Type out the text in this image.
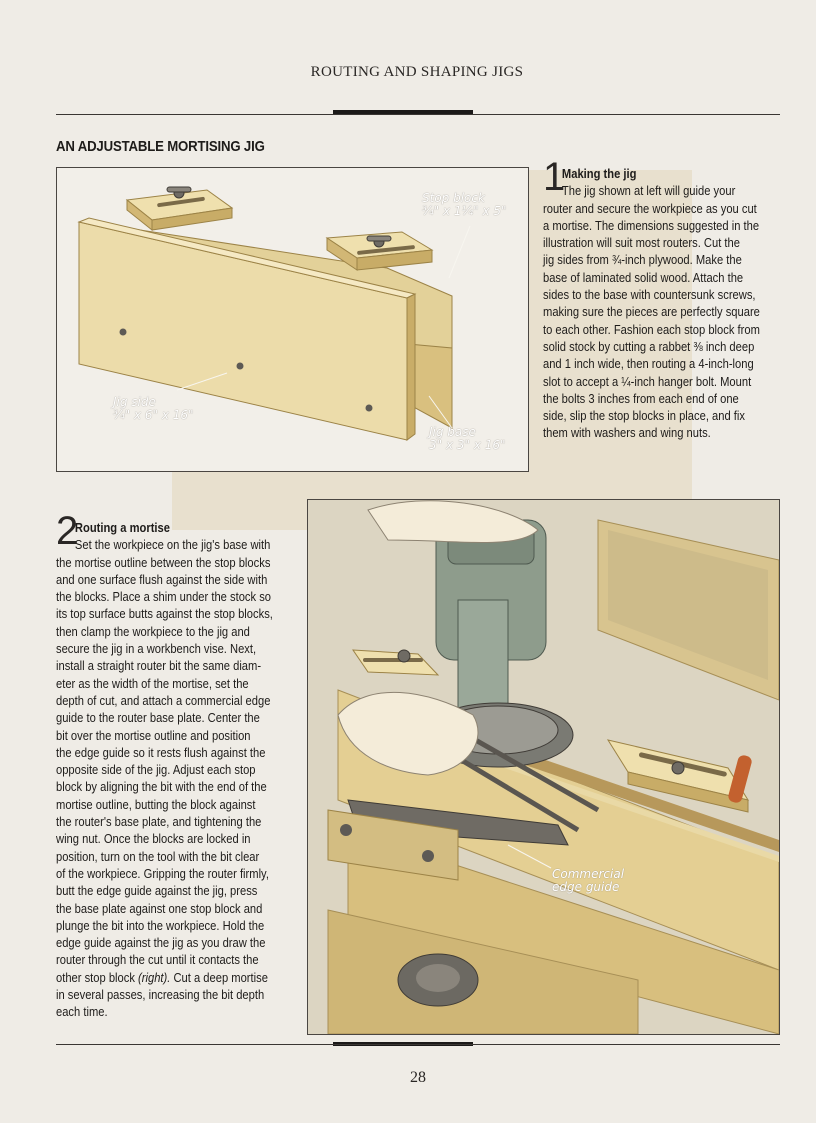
ROUTING AND SHAPING JIGS
AN ADJUSTABLE MORTISING JIG
Stop block
¾" x 1¼" x 5"
Jig side
¾" x 6" x 16"
Jig base
3" x 3" x 16"
1
Making the jig
The jig shown at left will guide your
router and secure the workpiece as you cut
a mortise. The dimensions suggested in the
illustration will suit most routers. Cut the
jig sides from ¾-inch plywood. Make the
base of laminated solid wood. Attach the
sides to the base with countersunk screws,
making sure the pieces are perfectly square
to each other. Fashion each stop block from
solid stock by cutting a rabbet ⅜ inch deep
and 1 inch wide, then routing a 4-inch-long
slot to accept a ¼-inch hanger bolt. Mount
the bolts 3 inches from each end of one
side, slip the stop blocks in place, and fix
them with washers and wing nuts.
2
Routing a mortise
Set the workpiece on the jig's base with
the mortise outline between the stop blocks
and one surface flush against the side with
the blocks. Place a shim under the stock so
its top surface butts against the stop blocks,
then clamp the workpiece to the jig and
secure the jig in a workbench vise. Next,
install a straight router bit the same diam-
eter as the width of the mortise, set the
depth of cut, and attach a commercial edge
guide to the router base plate. Center the
bit over the mortise outline and position
the edge guide so it rests flush against the
opposite side of the jig. Adjust each stop
block by aligning the bit with the end of the
mortise outline, butting the block against
the router's base plate, and tightening the
wing nut. Once the blocks are locked in
position, turn on the tool with the bit clear
of the workpiece. Gripping the router firmly,
butt the edge guide against the jig, press
the base plate against one stop block and
plunge the bit into the workpiece. Hold the
edge guide against the jig as you draw the
router through the cut until it contacts the
other stop block (right). Cut a deep mortise
in several passes, increasing the bit depth
each time.
Commercial
edge guide
28
